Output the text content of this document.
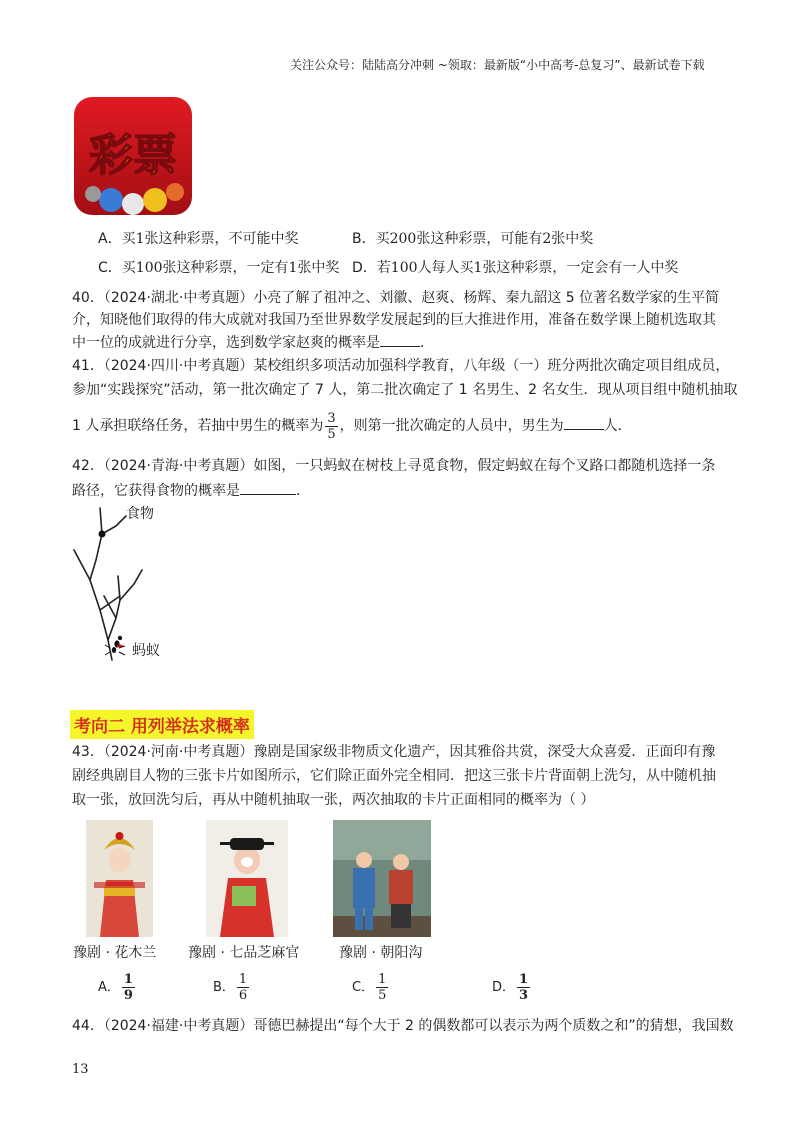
关注公众号：陆陆高分冲刺 ~领取：最新版“小中高考-总复习”、最新试卷下载
彩票
A．买1张这种彩票，不可能中奖	B．买200张这种彩票，可能有2张中奖
C．买100张这种彩票，一定有1张中奖 D．若100人每人买1张这种彩票，一定会有一人中奖
40．（2024·湖北·中考真题）小亮了解了祖冲之、刘徽、赵爽、杨辉、秦九韶这 5 位著名数学家的生平简
介，知晓他们取得的伟大成就对我国乃至世界数学发展起到的巨大推进作用，准备在数学课上随机选取其
中一位的成就进行分享，选到数学家赵爽的概率是	．
41．（2024·四川·中考真题）某校组织多项活动加强科学教育，八年级（一）班分两批次确定项目组成员，
参加“实践探究”活动，第一批次确定了 7 人，第二批次确定了 1 名男生、2 名女生．现从项目组中随机抽取
1 人承担联络任务，若抽中男生的概率为 $\frac{3}{5}$ ，则第一批次确定的人员中，男生为	人．
42．（2024·青海·中考真题）如图，一只蚂蚁在树枝上寻觅食物，假定蚂蚁在每个叉路口都随机选择一条
路径，它获得食物的概率是	．
食物
蚂蚁
考向二 用列举法求概率
43．（2024·河南·中考真题）豫剧是国家级非物质文化遗产，因其雅俗共赏，深受大众喜爱．正面印有豫
剧经典剧目人物的三张卡片如图所示，它们除正面外完全相同．把这三张卡片背面朝上洗匀，从中随机抽
取一张，放回洗匀后，再从中随机抽取一张，两次抽取的卡片正面相同的概率为（ ）
豫剧 · 花木兰 豫剧 · 七品芝麻官	豫剧 · 朝阳沟
A． $\frac{1}{9}$	B． $\frac{1}{6}$	C． $\frac{1}{5}$	D． $\frac{1}{3}$
44．（2024·福建·中考真题）哥德巴赫提出“每个大于 2 的偶数都可以表示为两个质数之和”的猜想，我国数
13
